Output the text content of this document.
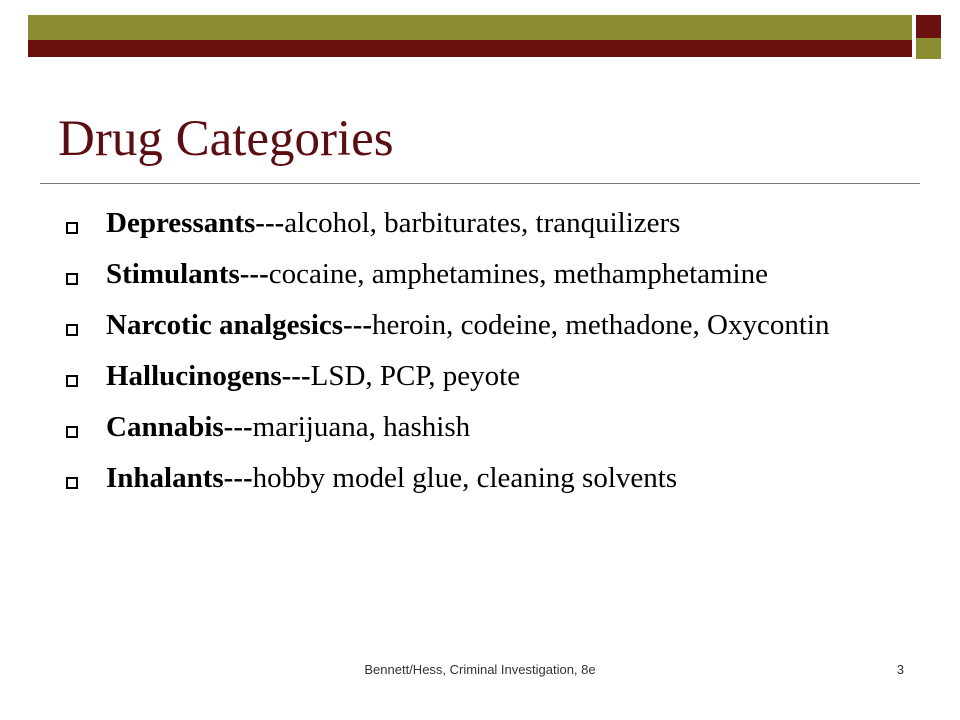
Drug Categories
Depressants---alcohol, barbiturates, tranquilizers
Stimulants---cocaine, amphetamines, methamphetamine
Narcotic analgesics---heroin, codeine, methadone, Oxycontin
Hallucinogens---LSD, PCP, peyote
Cannabis---marijuana, hashish
Inhalants---hobby model glue, cleaning solvents
Bennett/Hess, Criminal Investigation, 8e	3
